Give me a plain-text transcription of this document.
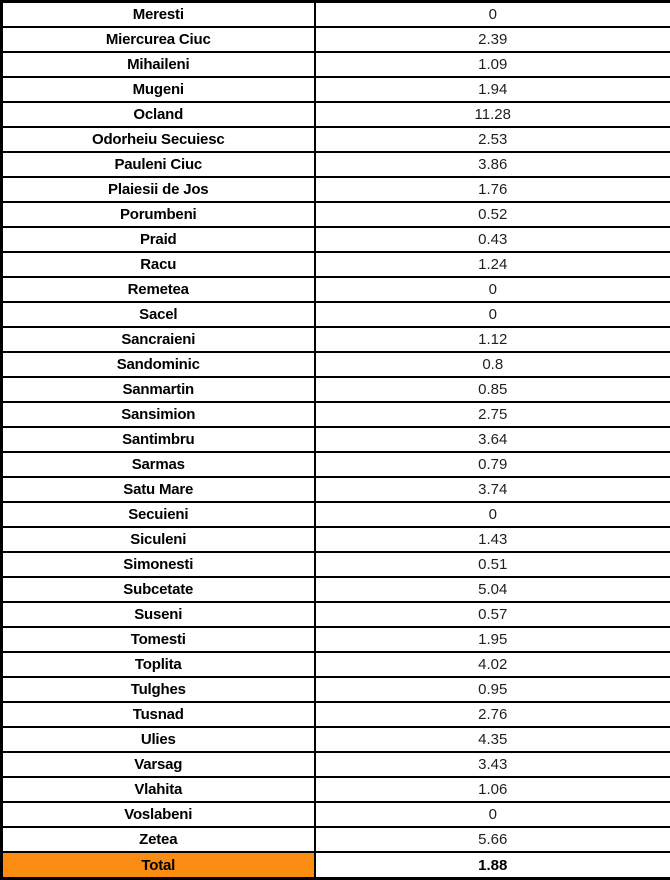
Meresti	0
Miercurea Ciuc	2.39
Mihaileni	1.09
Mugeni	1.94
Ocland	11.28
Odorheiu Secuiesc	2.53
Pauleni Ciuc	3.86
Plaiesii de Jos	1.76
Porumbeni	0.52
Praid	0.43
Racu	1.24
Remetea	0
Sacel	0
Sancraieni	1.12
Sandominic	0.8
Sanmartin	0.85
Sansimion	2.75
Santimbru	3.64
Sarmas	0.79
Satu Mare	3.74
Secuieni	0
Siculeni	1.43
Simonesti	0.51
Subcetate	5.04
Suseni	0.57
Tomesti	1.95
Toplita	4.02
Tulghes	0.95
Tusnad	2.76
Ulies	4.35
Varsag	3.43
Vlahita	1.06
Voslabeni	0
Zetea	5.66
Total	1.88
